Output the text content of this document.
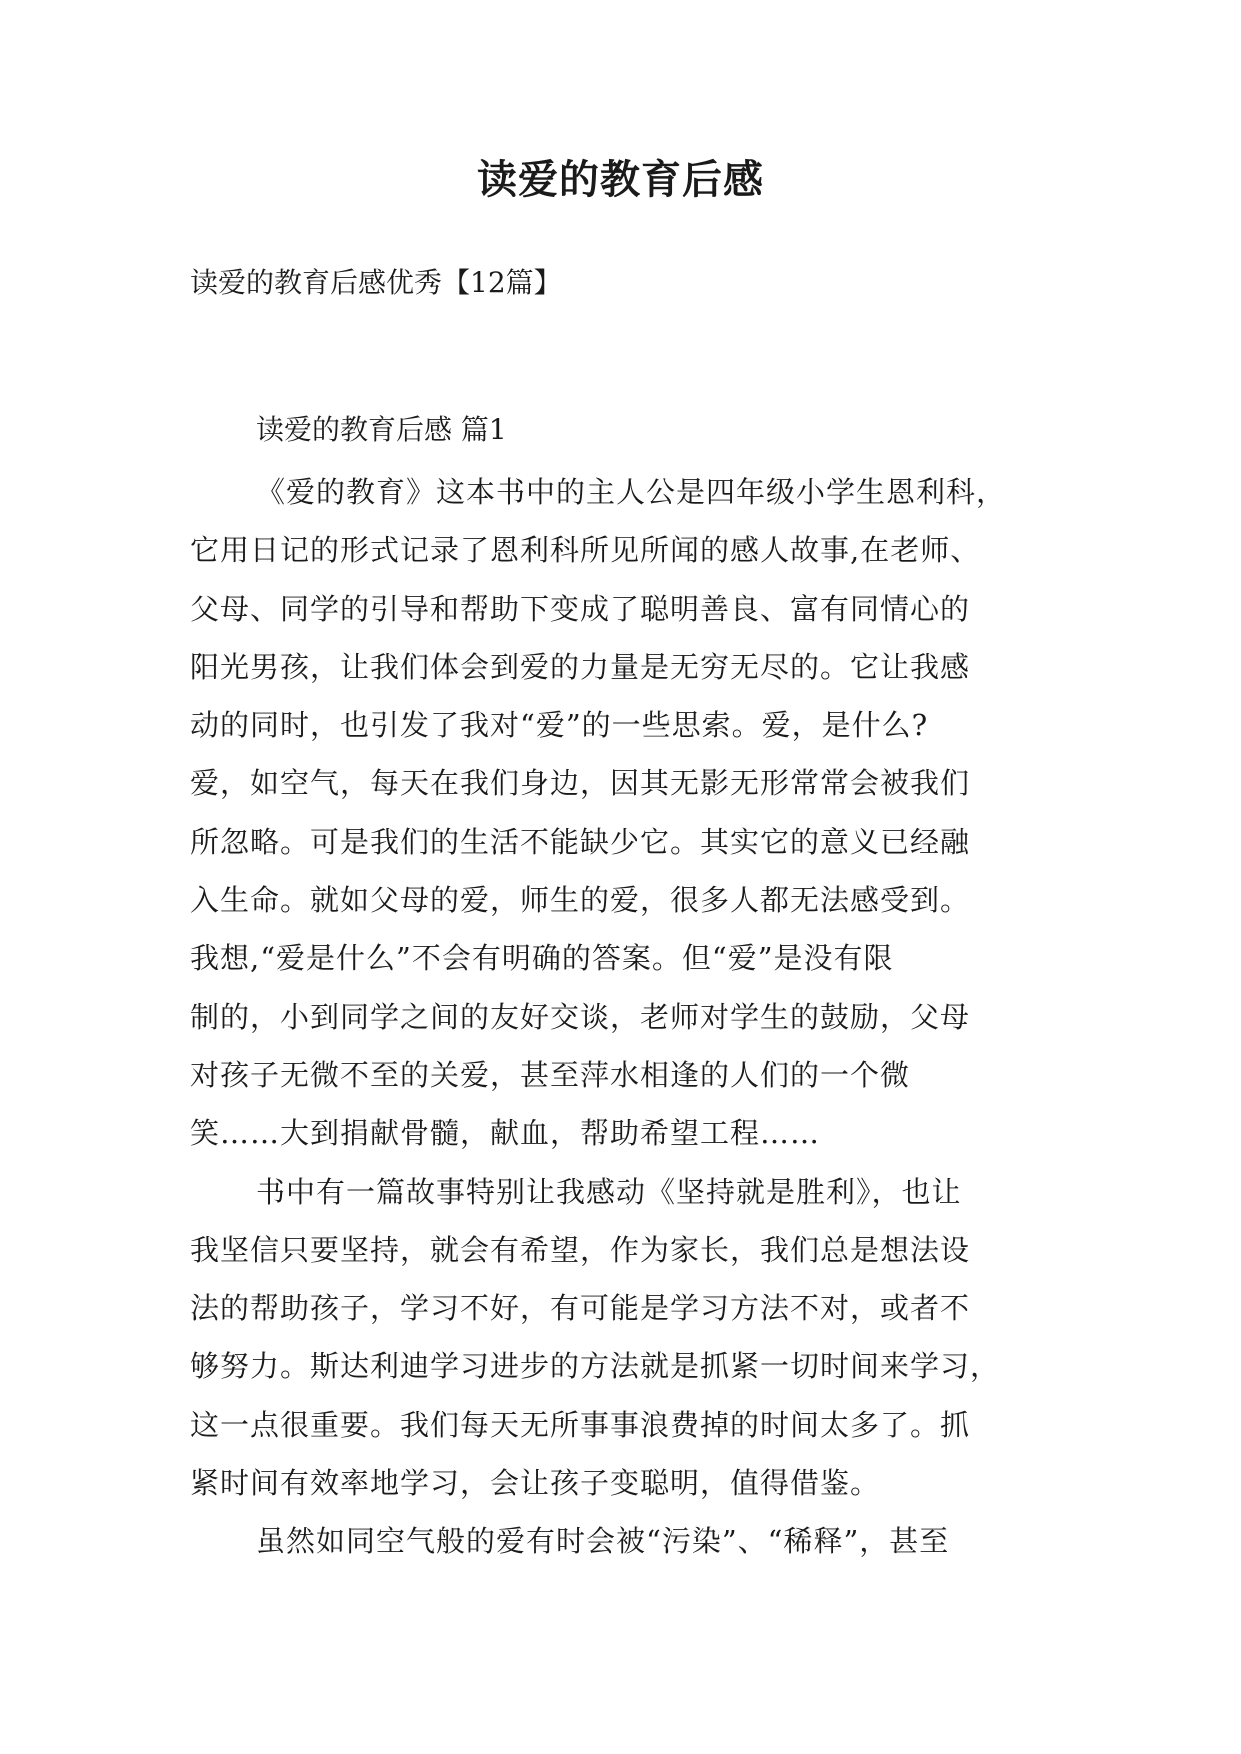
读爱的教育后感

读爱的教育后感优秀【12篇】

读爱的教育后感 篇1

《爱的教育》这本书中的主人公是四年级小学生恩利科，
它用日记的形式记录了恩利科所见所闻的感人故事,在老师、
父母、同学的引导和帮助下变成了聪明善良、富有同情心的
阳光男孩，让我们体会到爱的力量是无穷无尽的。它让我感
动的同时，也引发了我对“爱”的一些思索。爱，是什么?
爱，如空气，每天在我们身边，因其无影无形常常会被我们
所忽略。可是我们的生活不能缺少它。其实它的意义已经融
入生命。就如父母的爱，师生的爱，很多人都无法感受到。
我想,“爱是什么”不会有明确的答案。但“爱”是没有限
制的，小到同学之间的友好交谈，老师对学生的鼓励，父母
对孩子无微不至的关爱，甚至萍水相逢的人们的一个微
笑……大到捐献骨髓，献血，帮助希望工程……
书中有一篇故事特别让我感动《坚持就是胜利》，也让
我坚信只要坚持，就会有希望，作为家长，我们总是想法设
法的帮助孩子，学习不好，有可能是学习方法不对，或者不
够努力。斯达利迪学习进步的方法就是抓紧一切时间来学习，
这一点很重要。我们每天无所事事浪费掉的时间太多了。抓
紧时间有效率地学习，会让孩子变聪明，值得借鉴。
虽然如同空气般的爱有时会被“污染”、“稀释”，甚至
